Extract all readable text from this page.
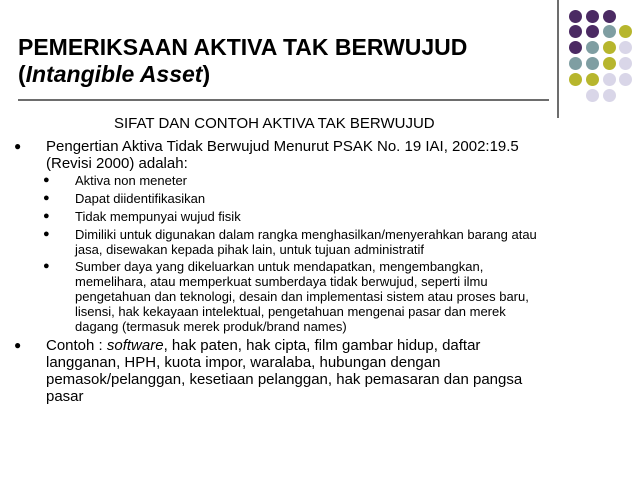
PEMERIKSAAN AKTIVA TAK BERWUJUD
(Intangible Asset)

SIFAT DAN CONTOH AKTIVA TAK BERWUJUD

● Pengertian Aktiva Tidak Berwujud Menurut PSAK No. 19 IAI, 2002:19.5
(Revisi 2000) adalah:
● Aktiva non meneter
● Dapat diidentifikasikan
● Tidak mempunyai wujud fisik
● Dimiliki untuk digunakan dalam rangka menghasilkan/menyerahkan barang atau
jasa, disewakan kepada pihak lain, untuk tujuan administratif
● Sumber daya yang dikeluarkan untuk mendapatkan, mengembangkan,
memelihara, atau memperkuat sumberdaya tidak berwujud, seperti ilmu
pengetahuan dan teknologi, desain dan implementasi sistem atau proses baru,
lisensi, hak kekayaan intelektual, pengetahuan mengenai pasar dan merek
dagang (termasuk merek produk/brand names)
● Contoh : software, hak paten, hak cipta, film gambar hidup, daftar
langganan, HPH, kuota impor, waralaba, hubungan dengan
pemasok/pelanggan, kesetiaan pelanggan, hak pemasaran dan pangsa
pasar
